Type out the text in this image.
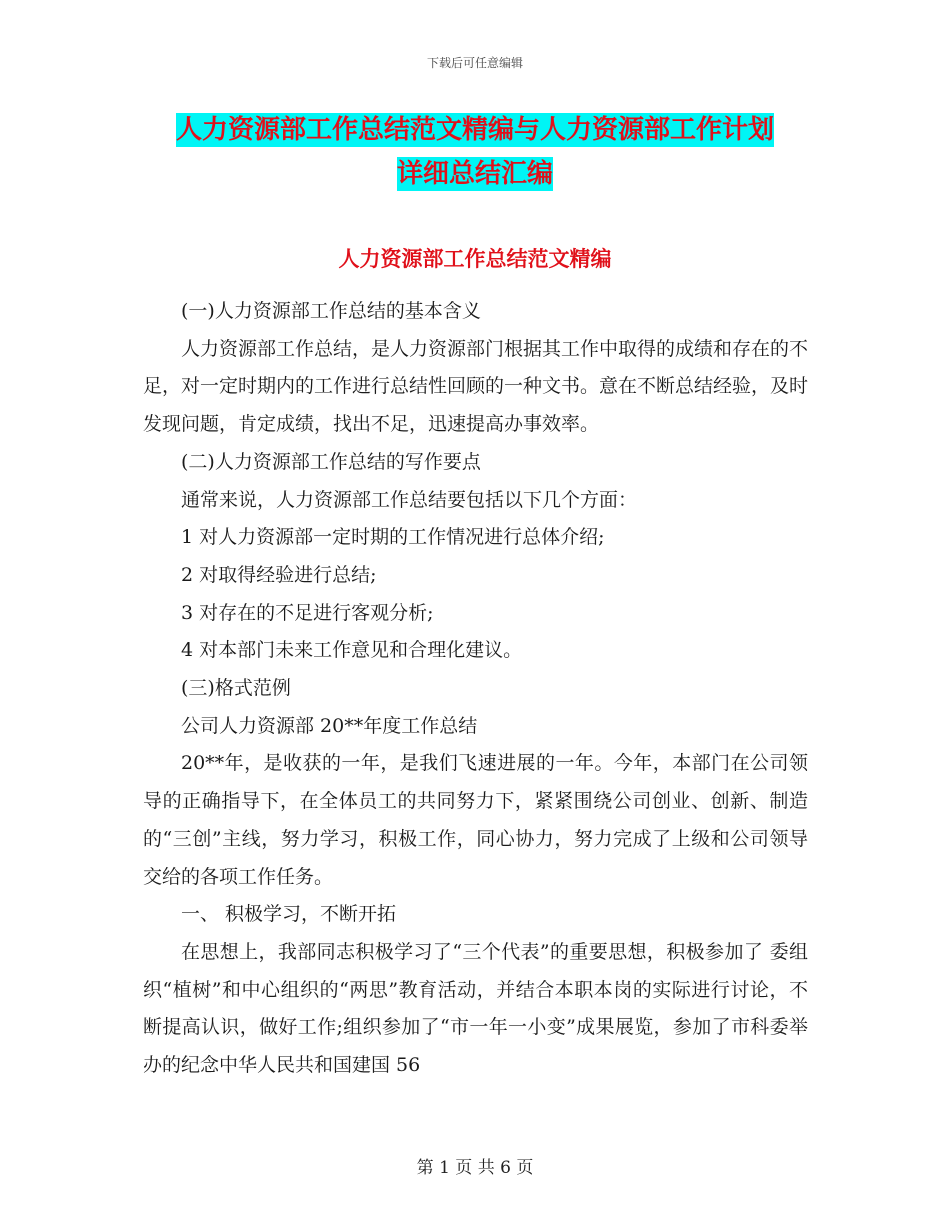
下载后可任意编辑
人力资源部工作总结范文精编与人力资源部工作计划
详细总结汇编
人力资源部工作总结范文精编

(一)人力资源部工作总结的基本含义

人力资源部工作总结，是人力资源部门根据其工作中取得的成绩和存在的不足，对一定时期内的工作进行总结性回顾的一种文书。意在不断总结经验，及时发现问题，肯定成绩，找出不足，迅速提高办事效率。

(二)人力资源部工作总结的写作要点

通常来说，人力资源部工作总结要包括以下几个方面：

1 对人力资源部一定时期的工作情况进行总体介绍;

2 对取得经验进行总结;

3 对存在的不足进行客观分析;

4 对本部门未来工作意见和合理化建议。

(三)格式范例

公司人力资源部 20**年度工作总结

20**年，是收获的一年，是我们飞速进展的一年。今年，本部门在公司领导的正确指导下，在全体员工的共同努力下，紧紧围绕公司创业、创新、制造的“三创”主线，努力学习，积极工作，同心协力，努力完成了上级和公司领导交给的各项工作任务。

一、 积极学习，不断开拓

在思想上，我部同志积极学习了“三个代表”的重要思想，积极参加了 委组织“植树”和中心组织的“两思”教育活动，并结合本职本岗的实际进行讨论，不断提高认识，做好工作;组织参加了“市一年一小变”成果展览，参加了市科委举办的纪念中华人民共和国建国 56

第 1 页 共 6 页
